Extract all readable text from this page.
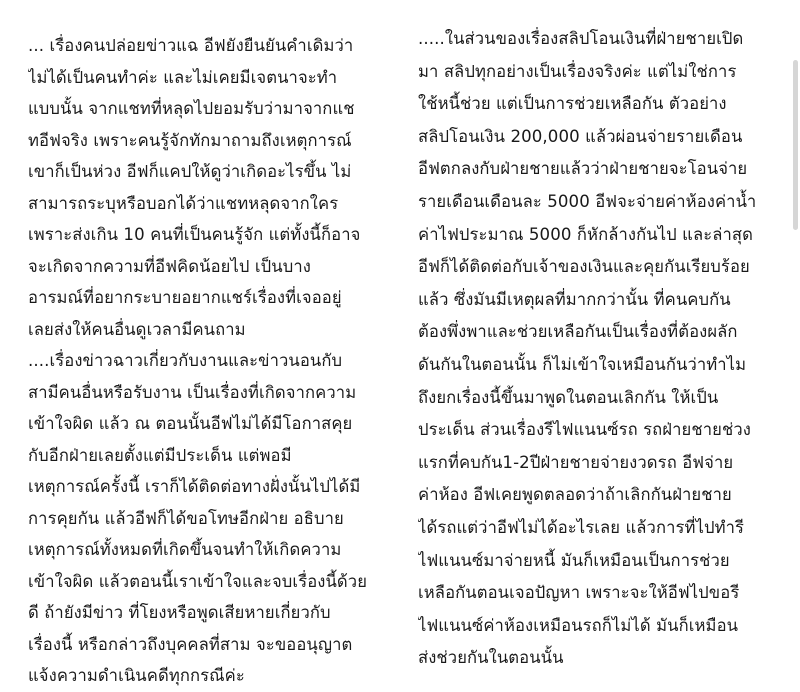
... เรื่องคนปล่อยข่าวแฉ อีฟยังยืนยันคำเดิมว่า
ไม่ได้เป็นคนทำค่ะ และไม่เคยมีเจตนาจะทำ
แบบนั้น จากแชทที่หลุดไปยอมรับว่ามาจากแช
ทอีฟจริง เพราะคนรู้จักทักมาถามถึงเหตุการณ์
เขาก็เป็นห่วง อีฟก็แคปให้ดูว่าเกิดอะไรขึ้น ไม่
สามารถระบุหรือบอกได้ว่าแชทหลุดจากใคร
เพราะส่งเกิน 10 คนที่เป็นคนรู้จัก แต่ทั้งนี้ก็อาจ
จะเกิดจากความที่อีฟคิดน้อยไป เป็นบาง
อารมณ์ที่อยากระบายอยากแชร์เรื่องที่เจออยู่
เลยส่งให้คนอื่นดูเวลามีคนถาม
....เรื่องข่าวฉาวเกี่ยวกับงานและข่าวนอนกับ
สามีคนอื่นหรือรับงาน เป็นเรื่องที่เกิดจากความ
เข้าใจผิด แล้ว ณ ตอนนั้นอีฟไม่ได้มีโอกาสคุย
กับอีกฝ่ายเลยตั้งแต่มีประเด็น แต่พอมี
เหตุการณ์ครั้งนี้ เราก็ได้ติดต่อทางฝั่งนั้นไปได้มี
การคุยกัน แล้วอีฟก็ได้ขอโทษอีกฝ่าย อธิบาย
เหตุการณ์ทั้งหมดที่เกิดขึ้นจนทำให้เกิดความ
เข้าใจผิด แล้วตอนนี้เราเข้าใจและจบเรื่องนี้ด้วย
ดี ถ้ายังมีข่าว ที่โยงหรือพูดเสียหายเกี่ยวกับ
เรื่องนี้ หรือกล่าวถึงบุคคลที่สาม จะขออนุญาต
แจ้งความดำเนินคดีทุกกรณีค่ะ
.....ในส่วนของเรื่องสลิปโอนเงินที่ฝ่ายชายเปิด
มา สลิปทุกอย่างเป็นเรื่องจริงค่ะ แต่ไม่ใช่การ
ใช้หนี้ช่วย แต่เป็นการช่วยเหลือกัน ตัวอย่าง
สลิปโอนเงิน 200,000 แล้วผ่อนจ่ายรายเดือน
อีฟตกลงกับฝ่ายชายแล้วว่าฝ่ายชายจะโอนจ่าย
รายเดือนเดือนละ 5000 อีฟจะจ่ายค่าห้องค่าน้ำ
ค่าไฟประมาณ 5000 ก็หักล้างกันไป และล่าสุด
อีฟก็ได้ติดต่อกับเจ้าของเงินและคุยกันเรียบร้อย
แล้ว ซึ่งมันมีเหตุผลที่มากกว่านั้น ที่คนคบกัน
ต้องพึ่งพาและช่วยเหลือกันเป็นเรื่องที่ต้องผลัก
ดันกันในตอนนั้น ก็ไม่เข้าใจเหมือนกันว่าทำไม
ถึงยกเรื่องนี้ขึ้นมาพูดในตอนเลิกกัน ให้เป็น
ประเด็น ส่วนเรื่องรีไฟแนนซ์รถ รถฝ่ายชายช่วง
แรกที่คบกัน1-2ปีฝ่ายชายจ่ายงวดรถ อีฟจ่าย
ค่าห้อง อีฟเคยพูดตลอดว่าถ้าเลิกกันฝ่ายชาย
ได้รถแต่ว่าอีฟไม่ได้อะไรเลย แล้วการที่ไปทำรี
ไฟแนนซ์มาจ่ายหนี้ มันก็เหมือนเป็นการช่วย
เหลือกันตอนเจอปัญหา เพราะจะให้อีฟไปขอรี
ไฟแนนซ์ค่าห้องเหมือนรถก็ไม่ได้ มันก็เหมือน
ส่งช่วยกันในตอนนั้น
